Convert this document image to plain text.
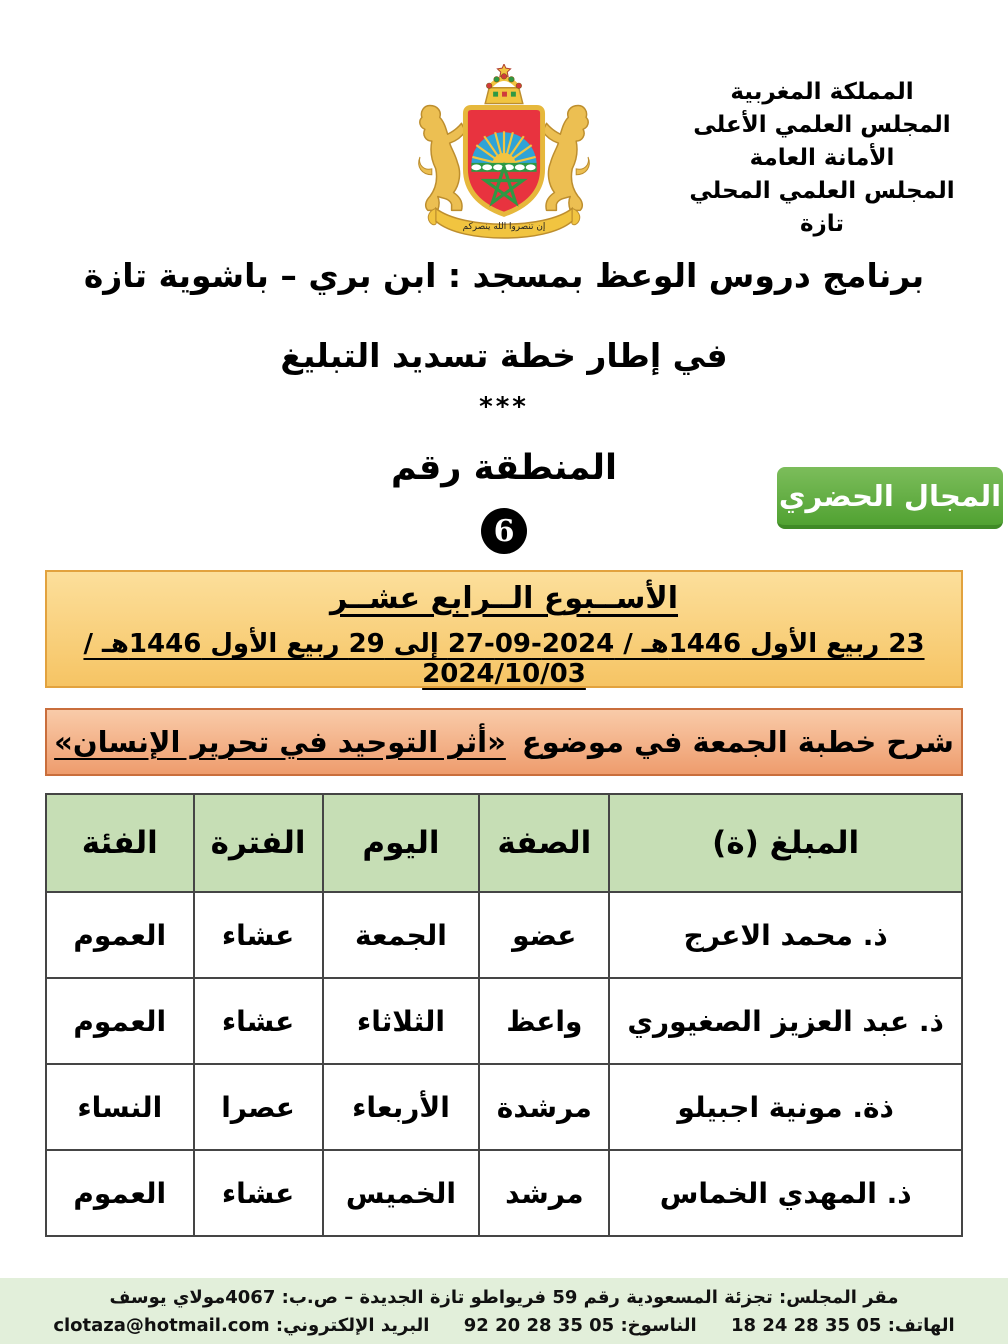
المملكة المغربية
المجلس العلمي الأعلى
الأمانة العامة
المجلس العلمي المحلي
تازة
إن تنصروا الله ينصركم
برنامج دروس الوعظ بمسجد : ابن بري – باشوية تازة
في إطار خطة تسديد التبليغ
***
المنطقة رقم
6
المجال الحضري
الأســبوع الــرابع عشــر
23 ربيع الأول 1446هـ / 2024-09-27 إلى 29 ربيع الأول 1446هـ / 2024/10/03
شرح خطبة الجمعة في موضوع
«أثر التوحيد في تحرير الإنسان»
المبلغ (ة)	الصفة	اليوم	الفترة	الفئة
ذ. محمد الاعرج	عضو	الجمعة	عشاء	العموم
ذ. عبد العزيز الصغيوري	واعظ	الثلاثاء	عشاء	العموم
ذة. مونية اجبيلو	مرشدة	الأربعاء	عصرا	النساء
ذ. المهدي الخماس	مرشد	الخميس	عشاء	العموم
مقر المجلس: تجزئة المسعودية رقم 59 فريواطو تازة الجديدة – ص.ب: 4067مولاي يوسف
الهاتف: 05 35 28 24 18 الناسوخ: 05 35 28 20 92 البريد الإلكتروني: clotaza@hotmail.com
